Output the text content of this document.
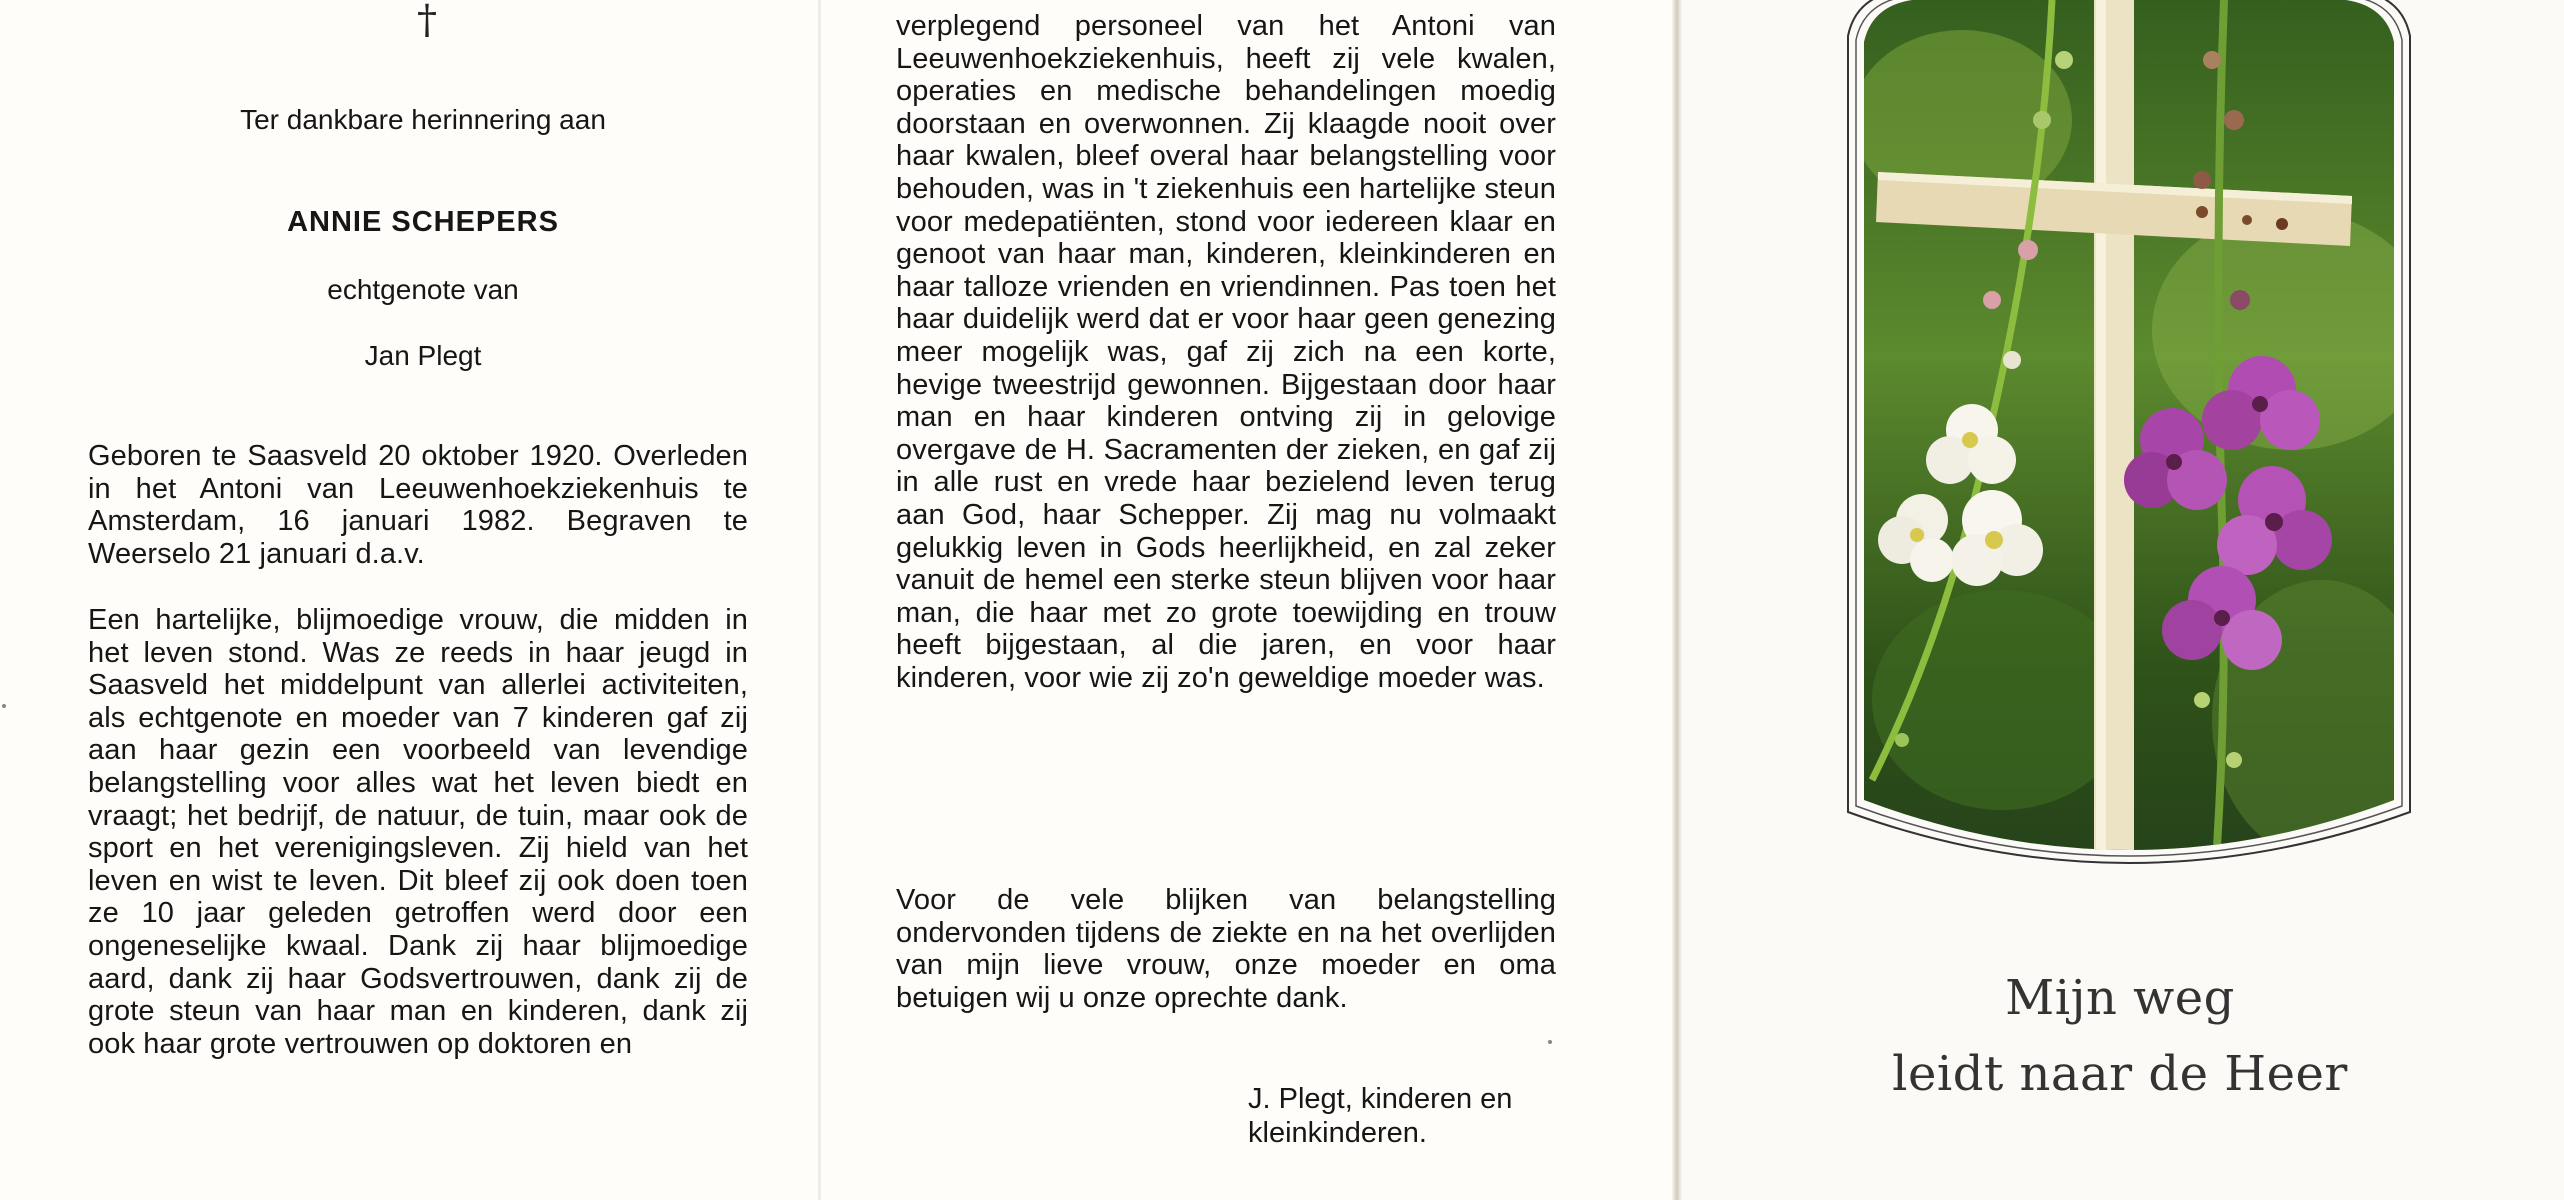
†
Ter dankbare herinnering aan
ANNIE SCHEPERS
echtgenote van
Jan Plegt
Geboren te Saasveld 20 oktober 1920. Overleden in het Antoni van Leeuwenhoekziekenhuis te Amsterdam, 16 januari 1982. Begraven te Weerselo 21 januari d.a.v.
Een hartelijke, blijmoedige vrouw, die midden in het leven stond. Was ze reeds in haar jeugd in Saasveld het middelpunt van allerlei activiteiten, als echtgenote en moeder van 7 kinderen gaf zij aan haar gezin een voorbeeld van levendige belangstelling voor alles wat het leven biedt en vraagt; het bedrijf, de natuur, de tuin, maar ook de sport en het verenigingsleven. Zij hield van het leven en wist te leven. Dit bleef zij ook doen toen ze 10 jaar geleden getroffen werd door een ongeneselijke kwaal. Dank zij haar blijmoedige aard, dank zij haar Godsvertrouwen, dank zij de grote steun van haar man en kinderen, dank zij ook haar grote vertrouwen op doktoren en
verplegend personeel van het Antoni van Leeuwenhoekziekenhuis, heeft zij vele kwalen, operaties en medische behandelingen moedig doorstaan en overwonnen. Zij klaagde nooit over haar kwalen, bleef overal haar belangstelling voor behouden, was in 't ziekenhuis een hartelijke steun voor medepatiënten, stond voor iedereen klaar en genoot van haar man, kinderen, kleinkinderen en haar talloze vrienden en vriendinnen. Pas toen het haar duidelijk werd dat er voor haar geen genezing meer mogelijk was, gaf zij zich na een korte, hevige tweestrijd gewonnen. Bijgestaan door haar man en haar kinderen ontving zij in gelovige overgave de H. Sacramenten der zieken, en gaf zij in alle rust en vrede haar bezielend leven terug aan God, haar Schepper. Zij mag nu volmaakt gelukkig leven in Gods heerlijkheid, en zal zeker vanuit de hemel een sterke steun blijven voor haar man, die haar met zo grote toewijding en trouw heeft bijgestaan, al die jaren, en voor haar kinderen, voor wie zij zo'n geweldige moeder was.
Voor de vele blijken van belangstelling ondervonden tijdens de ziekte en na het overlijden van mijn lieve vrouw, onze moeder en oma betuigen wij u onze oprechte dank.
J. Plegt, kinderen en
kleinkinderen.
Mijn weg
leidt naar de Heer
